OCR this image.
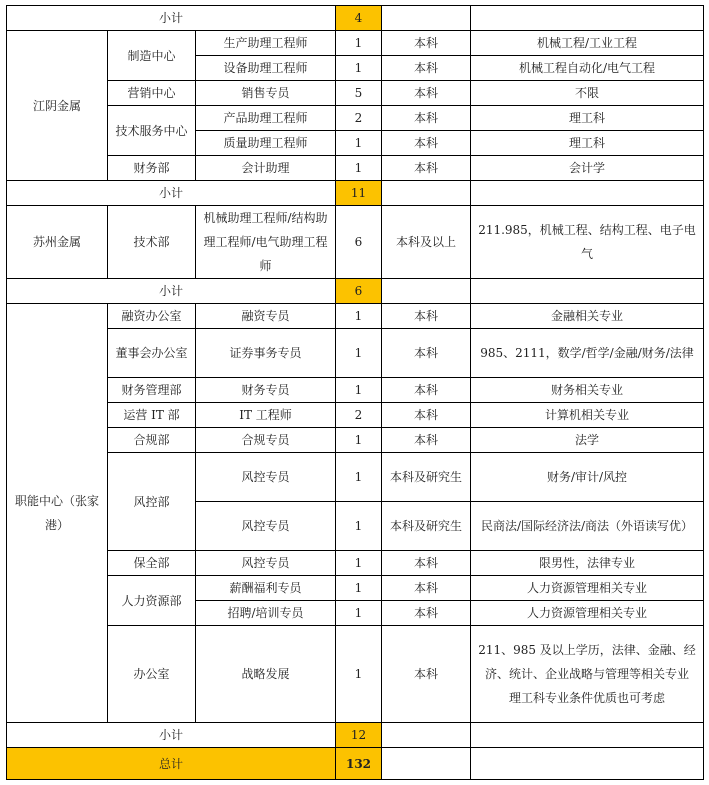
小计			4		
江阴金属	制造中心	生产助理工程师	1	本科	机械工程/工业工程
		设备助理工程师	1	本科	机械工程自动化/电气工程
	营销中心	销售专员	5	本科	不限
	技术服务中心	产品助理工程师	2	本科	理工科
		质量助理工程师	1	本科	理工科
	财务部	会计助理	1	本科	会计学
小计			11		
苏州金属	技术部	机械助理工程师/结构助理工程师/电气助理工程师	6	本科及以上	211.985，机械工程、结构工程、电子电气
小计			6		
职能中心（张家港）	融资办公室	融资专员	1	本科	金融相关专业
	董事会办公室	证券事务专员	1	本科	985、2111，数学/哲学/金融/财务/法律
	财务管理部	财务专员	1	本科	财务相关专业
	运营 IT 部	IT 工程师	2	本科	计算机相关专业
	合规部	合规专员	1	本科	法学
	风控部	风控专员	1	本科及研究生	财务/审计/风控
		风控专员	1	本科及研究生	民商法/国际经济法/商法（外语读写优）
	保全部	风控专员	1	本科	限男性，法律专业
	人力资源部	薪酬福利专员	1	本科	人力资源管理相关专业
		招聘/培训专员	1	本科	人力资源管理相关专业
	办公室	战略发展	1	本科	211、985 及以上学历，法律、金融、经济、统计、企业战略与管理等相关专业
理工科专业条件优质也可考虑

小计			12		
总计			132		
